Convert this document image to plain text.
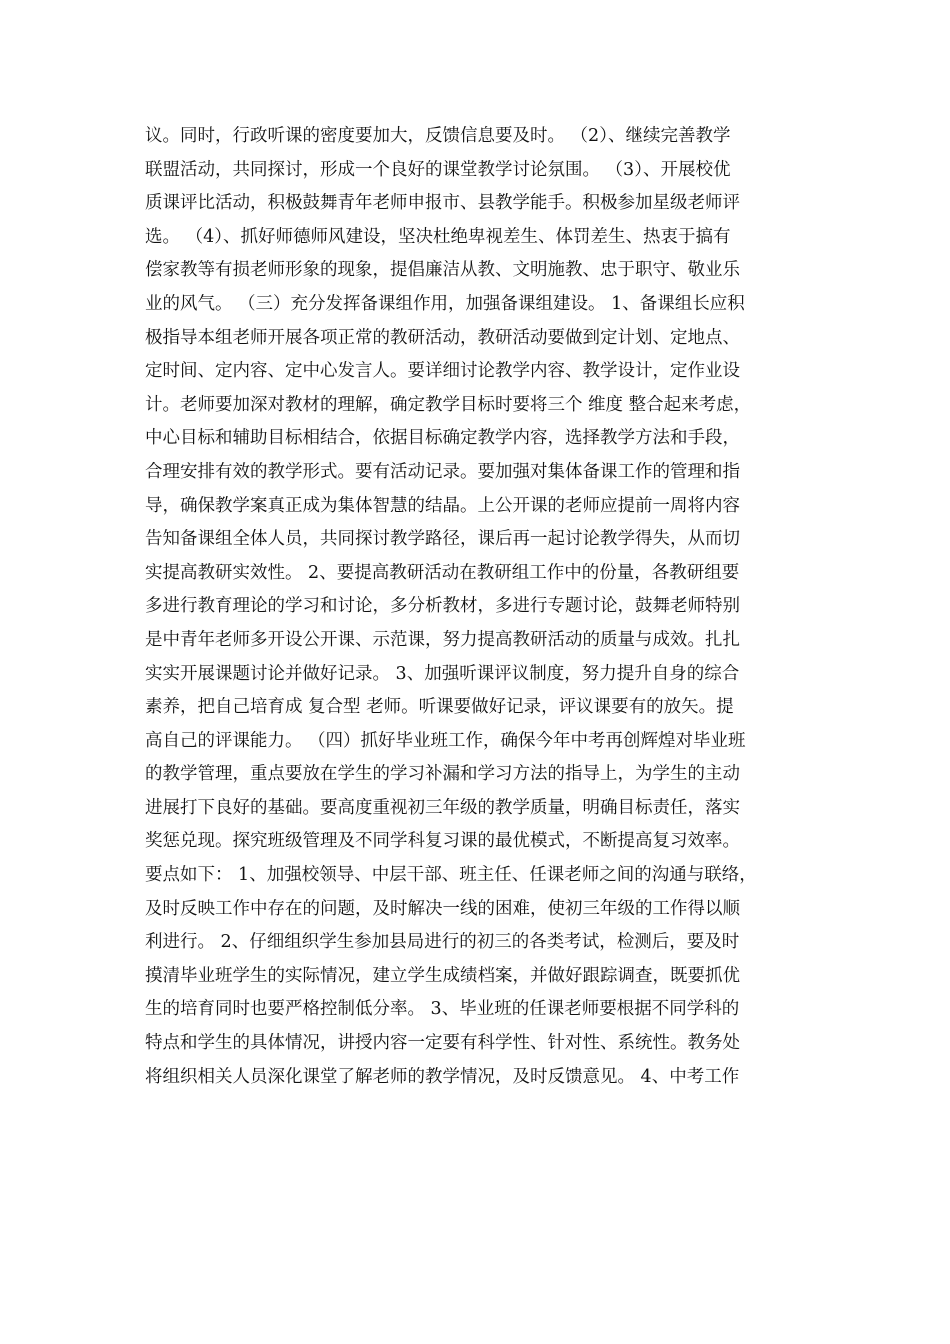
议。同时，行政听课的密度要加大，反馈信息要及时。 （2）、继续完善教学
联盟活动，共同探讨，形成一个良好的课堂教学讨论氛围。 （3）、开展校优
质课评比活动，积极鼓舞青年老师申报市、县教学能手。积极参加星级老师评
选。 （4）、抓好师德师风建设，坚决杜绝卑视差生、体罚差生、热衷于搞有
偿家教等有损老师形象的现象，提倡廉洁从教、文明施教、忠于职守、敬业乐
业的风气。 （三）充分发挥备课组作用，加强备课组建设。 1、备课组长应积
极指导本组老师开展各项正常的教研活动，教研活动要做到定计划、定地点、
定时间、定内容、定中心发言人。要详细讨论教学内容、教学设计，定作业设
计。老师要加深对教材的理解，确定教学目标时要将三个 维度 整合起来考虑，
中心目标和辅助目标相结合，依据目标确定教学内容，选择教学方法和手段，
合理安排有效的教学形式。要有活动记录。要加强对集体备课工作的管理和指
导，确保教学案真正成为集体智慧的结晶。上公开课的老师应提前一周将内容
告知备课组全体人员，共同探讨教学路径，课后再一起讨论教学得失，从而切
实提高教研实效性。 2、要提高教研活动在教研组工作中的份量，各教研组要
多进行教育理论的学习和讨论，多分析教材，多进行专题讨论，鼓舞老师特别
是中青年老师多开设公开课、示范课，努力提高教研活动的质量与成效。扎扎
实实开展课题讨论并做好记录。 3、加强听课评议制度，努力提升自身的综合
素养，把自己培育成 复合型 老师。听课要做好记录，评议课要有的放矢。提
高自己的评课能力。 （四）抓好毕业班工作，确保今年中考再创辉煌对毕业班
的教学管理，重点要放在学生的学习补漏和学习方法的指导上，为学生的主动
进展打下良好的基础。要高度重视初三年级的教学质量，明确目标责任，落实
奖惩兑现。探究班级管理及不同学科复习课的最优模式，不断提高复习效率。
要点如下： 1、加强校领导、中层干部、班主任、任课老师之间的沟通与联络，
及时反映工作中存在的问题，及时解决一线的困难，使初三年级的工作得以顺
利进行。 2、仔细组织学生参加县局进行的初三的各类考试，检测后，要及时
摸清毕业班学生的实际情况，建立学生成绩档案，并做好跟踪调查，既要抓优
生的培育同时也要严格控制低分率。 3、毕业班的任课老师要根据不同学科的
特点和学生的具体情况，讲授内容一定要有科学性、针对性、系统性。教务处
将组织相关人员深化课堂了解老师的教学情况，及时反馈意见。 4、中考工作
